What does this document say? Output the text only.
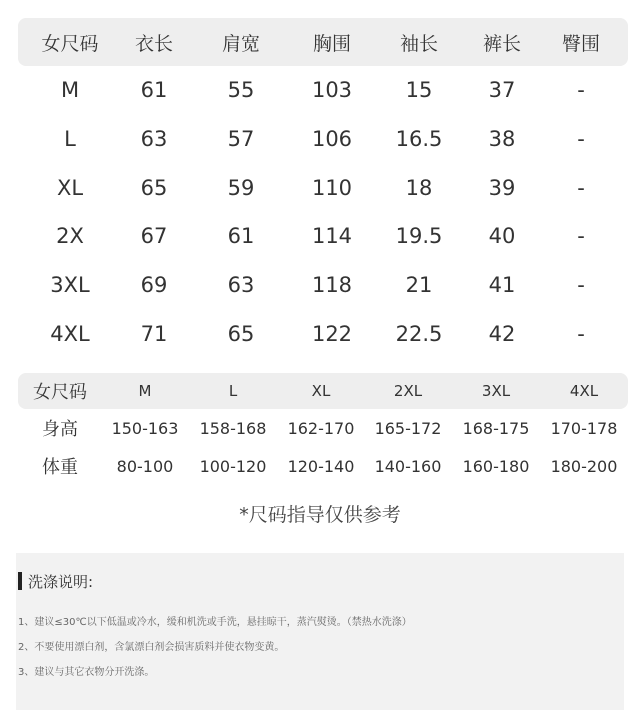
女尺码	衣长	肩宽	胸围	袖长	裤长	臀围
M	61	55	103	15	37	-
L	63	57	106	16.5	38	-
XL	65	59	110	18	39	-
2X	67	61	114	19.5	40	-
3XL	69	63	118	21	41	-
4XL	71	65	122	22.5	42	-
女尺码	M	L	XL	2XL	3XL	4XL
身高	150-163	158-168	162-170	165-172	168-175	170-178
体重	80-100	100-120	120-140	140-160	160-180	180-200
*尺码指导仅供参考
洗涤说明:
1、建议≤30℃以下低温或冷水，缓和机洗或手洗，悬挂晾干，蒸汽熨烫。（禁热水洗涤）
2、不要使用漂白剂，含氯漂白剂会损害质料并使衣物变黄。
3、建议与其它衣物分开洗涤。
